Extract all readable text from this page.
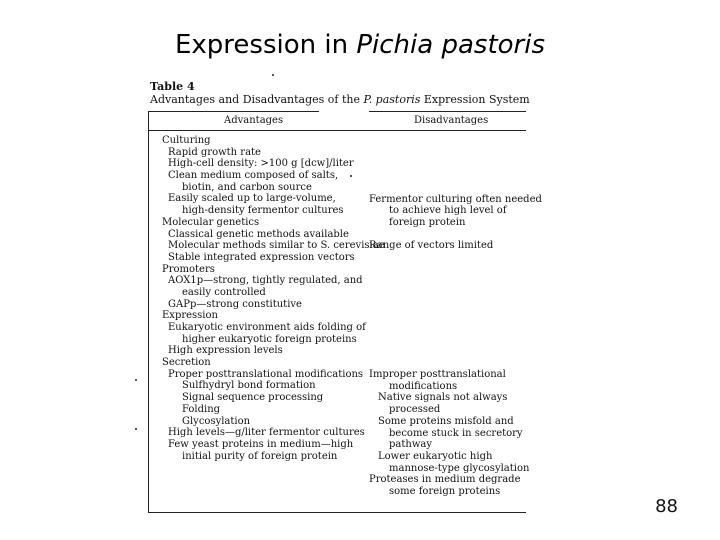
Expression in Pichia pastoris
Table 4
Advantages and Disadvantages of the P. pastoris Expression System
Advantages	Disadvantages
Culturing
Rapid growth rate
High-cell density: >100 g [dcw]/liter
Clean medium composed of salts,
biotin, and carbon source
Easily scaled up to large-volume,
high-density fermentor cultures
Molecular genetics
Classical genetic methods available
Molecular methods similar to S. cerevisiae
Stable integrated expression vectors
Promoters
AOX1p—strong, tightly regulated, and
easily controlled
GAPp—strong constitutive
Expression
Eukaryotic environment aids folding of
higher eukaryotic foreign proteins
High expression levels
Secretion
Proper posttranslational modifications
Sulfhydryl bond formation
Signal sequence processing
Folding
Glycosylation
High levels—g/liter fermentor cultures
Few yeast proteins in medium—high
initial purity of foreign protein
Fermentor culturing often needed
to achieve high level of
foreign protein
Range of vectors limited
Improper posttranslational
modifications
Native signals not always
processed
Some proteins misfold and
become stuck in secretory
pathway
Lower eukaryotic high
mannose-type glycosylation
Proteases in medium degrade
some foreign proteins
88
